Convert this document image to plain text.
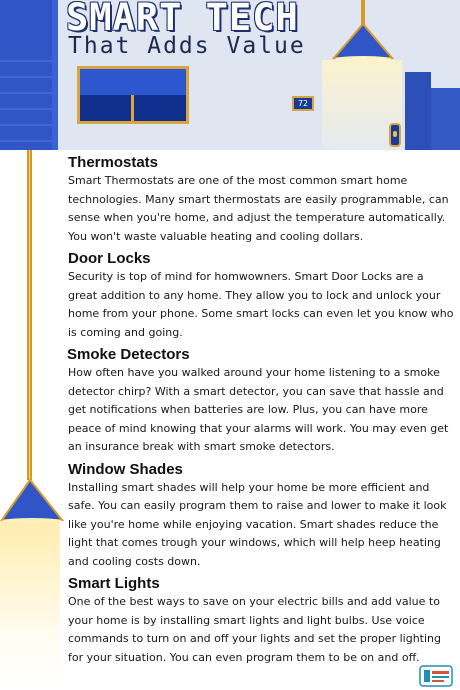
72
SMART TECH
That Adds Value
Thermostats

Smart Thermostats are one of the most common smart home technologies. Many smart thermostats are easily programmable, can sense when you're home, and adjust the temperature automatically. You won't waste valuable heating and cooling dollars.

Door Locks

Security is top of mind for homwowners. Smart Door Locks are a great addition to any home. They allow you to lock and unlock your home from your phone. Some smart locks can even let you know who is coming and going.

Smoke Detectors

How often have you walked around your home listening to a smoke detector chirp? With a smart detector, you can save that hassle and get notifications when batteries are low. Plus, you can have more peace of mind knowing that your alarms will work. You may even get an insurance break with smart smoke detectors.

Window Shades

Installing smart shades will help your home be more efficient and safe. You can easily program them to raise and lower to make it look like you're home while enjoying vacation. Smart shades reduce the light that comes trough your windows, which will help heep heating and cooling costs down.

Smart Lights

One of the best ways to save on your electric bills and add value to your home is by installing smart lights and light bulbs. Use voice commands to turn on and off your lights and set the proper lighting for your situation. You can even program them to be on and off.
